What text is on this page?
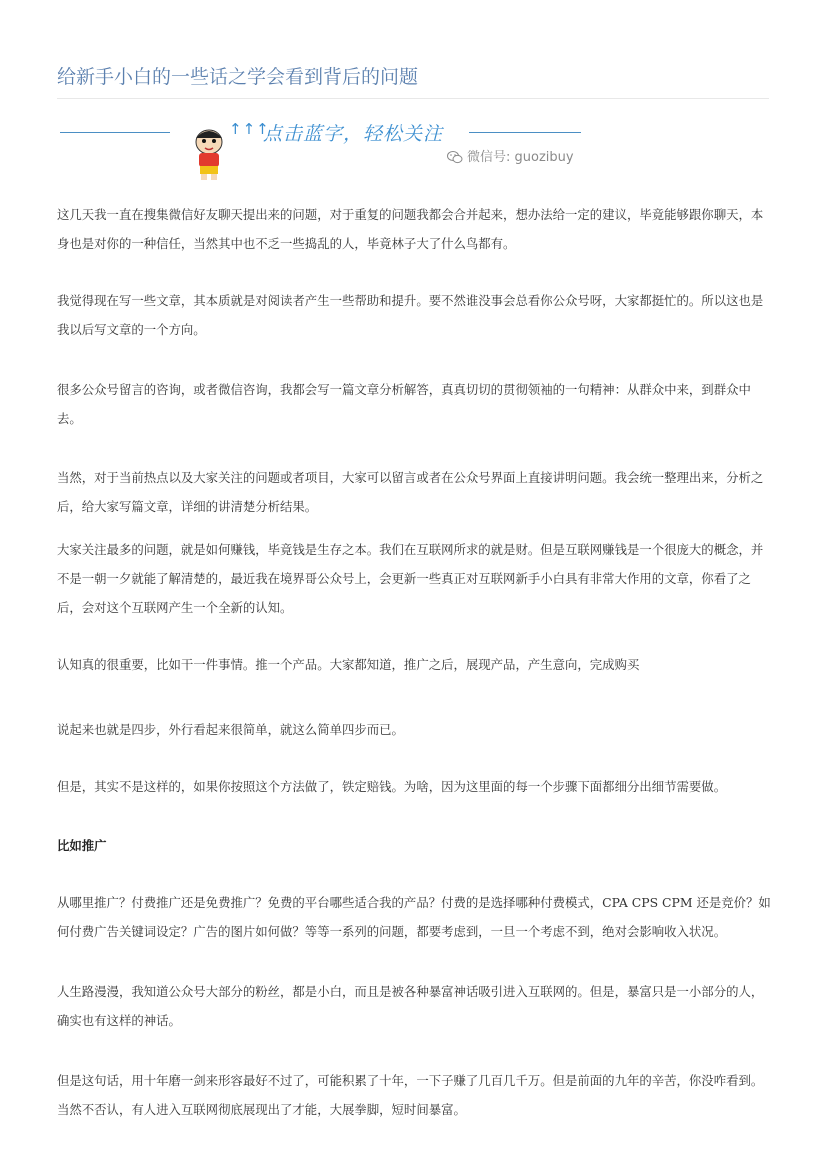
给新手小白的一些话之学会看到背后的问题
↑↑↑
点击蓝字，轻松关注
微信号: guozibuy

这几天我一直在搜集微信好友聊天提出来的问题，对于重复的问题我都会合并起来，想办法给一定的建议，毕竟能够跟你聊天，本身也是对你的一种信任，当然其中也不乏一些捣乱的人，毕竟林子大了什么鸟都有。

我觉得现在写一些文章，其本质就是对阅读者产生一些帮助和提升。要不然谁没事会总看你公众号呀，大家都挺忙的。所以这也是我以后写文章的一个方向。

很多公众号留言的咨询，或者微信咨询，我都会写一篇文章分析解答，真真切切的贯彻领袖的一句精神：从群众中来，到群众中去。

当然，对于当前热点以及大家关注的问题或者项目，大家可以留言或者在公众号界面上直接讲明问题。我会统一整理出来，分析之后，给大家写篇文章，详细的讲清楚分析结果。

大家关注最多的问题，就是如何赚钱，毕竟钱是生存之本。我们在互联网所求的就是财。但是互联网赚钱是一个很庞大的概念，并不是一朝一夕就能了解清楚的，最近我在境界哥公众号上，会更新一些真正对互联网新手小白具有非常大作用的文章，你看了之后，会对这个互联网产生一个全新的认知。

认知真的很重要，比如干一件事情。推一个产品。大家都知道，推广之后，展现产品，产生意向，完成购买

说起来也就是四步，外行看起来很简单，就这么简单四步而已。

但是，其实不是这样的，如果你按照这个方法做了，铁定赔钱。为啥，因为这里面的每一个步骤下面都细分出细节需要做。

比如推广

从哪里推广？付费推广还是免费推广？免费的平台哪些适合我的产品？付费的是选择哪种付费模式，CPA CPS CPM 还是竞价？如何付费广告关键词设定？广告的图片如何做？等等一系列的问题，都要考虑到，一旦一个考虑不到，绝对会影响收入状况。

人生路漫漫，我知道公众号大部分的粉丝，都是小白，而且是被各种暴富神话吸引进入互联网的。但是，暴富只是一小部分的人，确实也有这样的神话。

但是这句话，用十年磨一剑来形容最好不过了，可能积累了十年，一下子赚了几百几千万。但是前面的九年的辛苦，你没咋看到。当然不否认，有人进入互联网彻底展现出了才能，大展拳脚，短时间暴富。
